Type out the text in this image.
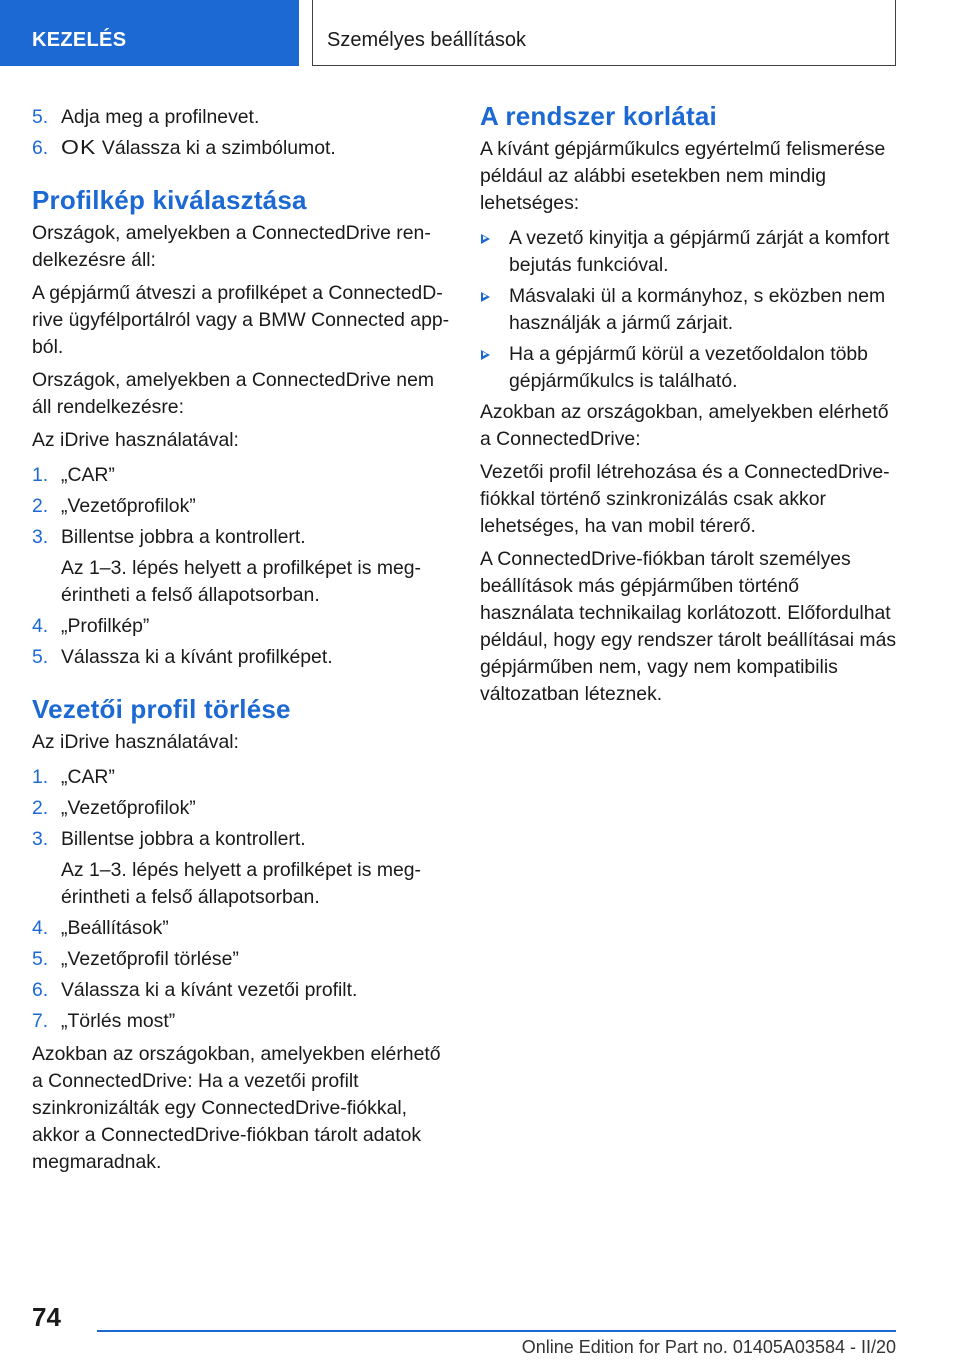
KEZELÉS	Személyes beállítások
5. Adja meg a profilnevet.
6. OK Válassza ki a szimbólumot.
Profilkép kiválasztása
Országok, amelyekben a ConnectedDrive rendelkezésre áll:
A gépjármű átveszi a profilképet a ConnectedDrive ügyfélportálról vagy a BMW Connected appból.
Országok, amelyekben a ConnectedDrive nem áll rendelkezésre:
Az iDrive használatával:
1. „CAR”
2. „Vezetőprofilok”
3. Billentse jobbra a kontrollert.
Az 1–3. lépés helyett a profilképet is megérintheti a felső állapotsorban.
4. „Profilkép”
5. Válassza ki a kívánt profilképet.
Vezetői profil törlése
Az iDrive használatával:
1. „CAR”
2. „Vezetőprofilok”
3. Billentse jobbra a kontrollert.
Az 1–3. lépés helyett a profilképet is megérintheti a felső állapotsorban.
4. „Beállítások”
5. „Vezetőprofil törlése”
6. Válassza ki a kívánt vezetői profilt.
7. „Törlés most”
Azokban az országokban, amelyekben elérhető a ConnectedDrive: Ha a vezetői profilt szinkronizálták egy ConnectedDrive-fiókkal, akkor a ConnectedDrive-fiókban tárolt adatok megmaradnak.
A rendszer korlátai
A kívánt gépjárműkulcs egyértelmű felismerése például az alábbi esetekben nem mindig lehetséges:
A vezető kinyitja a gépjármű zárját a komfort bejutás funkcióval.
Másvalaki ül a kormányhoz, s eközben nem használják a jármű zárjait.
Ha a gépjármű körül a vezetőoldalon több gépjárműkulcs is található.
Azokban az országokban, amelyekben elérhető a ConnectedDrive:
Vezetői profil létrehozása és a ConnectedDrive-fiókkal történő szinkronizálás csak akkor lehetséges, ha van mobil térerő.
A ConnectedDrive-fiókban tárolt személyes beállítások más gépjárműben történő használata technikailag korlátozott. Előfordulhat például, hogy egy rendszer tárolt beállításai más gépjárműben nem, vagy nem kompatibilis változatban léteznek.
74
Online Edition for Part no. 01405A03584 - II/20
